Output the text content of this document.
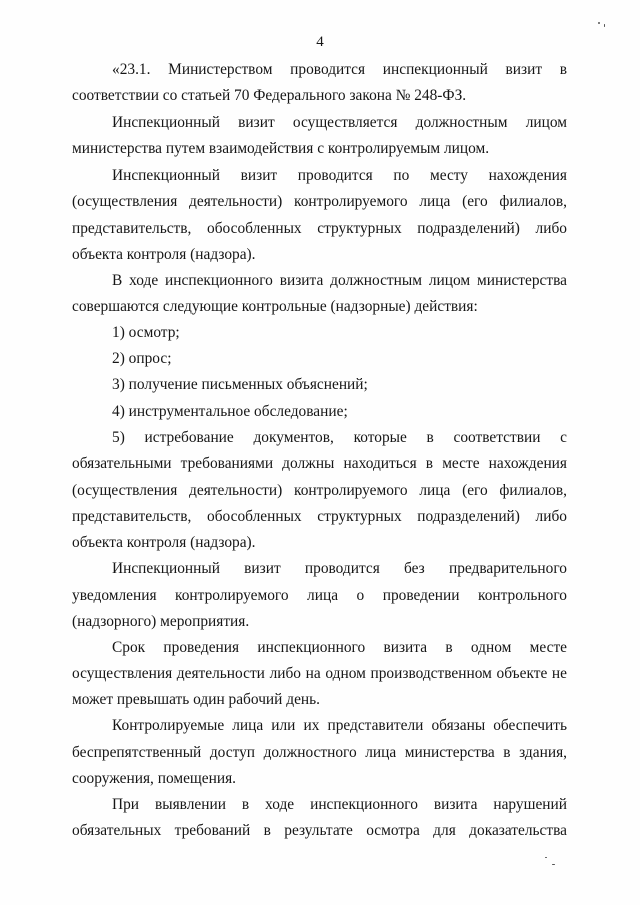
4
«23.1. Министерством проводится инспекционный визит в
соответствии со статьей 70 Федерального закона № 248-ФЗ.
Инспекционный визит осуществляется должностным лицом
министерства путем взаимодействия с контролируемым лицом.
Инспекционный визит проводится по месту нахождения
(осуществления деятельности) контролируемого лица (его филиалов,
представительств, обособленных структурных подразделений) либо
объекта контроля (надзора).
В ходе инспекционного визита должностным лицом министерства
совершаются следующие контрольные (надзорные) действия:
1) осмотр;
2) опрос;
3) получение письменных объяснений;
4) инструментальное обследование;
5) истребование документов, которые в соответствии с
обязательными требованиями должны находиться в месте нахождения
(осуществления деятельности) контролируемого лица (его филиалов,
представительств, обособленных структурных подразделений) либо
объекта контроля (надзора).
Инспекционный визит проводится без предварительного
уведомления контролируемого лица о проведении контрольного
(надзорного) мероприятия.
Срок проведения инспекционного визита в одном месте
осуществления деятельности либо на одном производственном объекте не
может превышать один рабочий день.
Контролируемые лица или их представители обязаны обеспечить
беспрепятственный доступ должностного лица министерства в здания,
сооружения, помещения.
При выявлении в ходе инспекционного визита нарушений
обязательных требований в результате осмотра для доказательства
